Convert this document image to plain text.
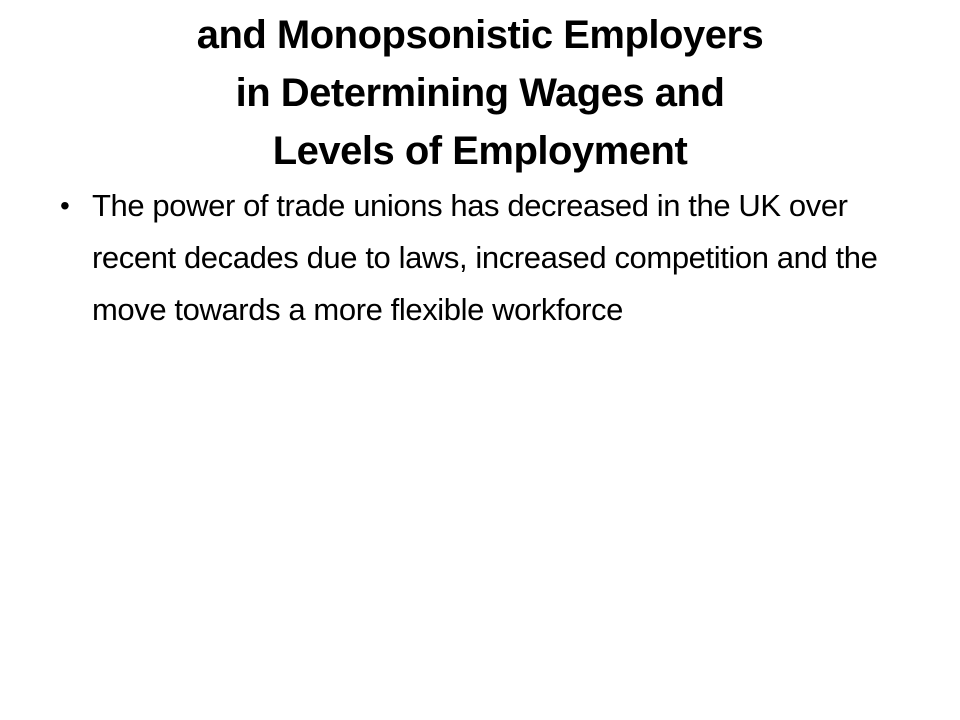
and Monopsonistic Employers
in Determining Wages and
Levels of Employment
• The power of trade unions has decreased in the UK over recent decades due to laws, increased competition and the move towards a more flexible workforce
